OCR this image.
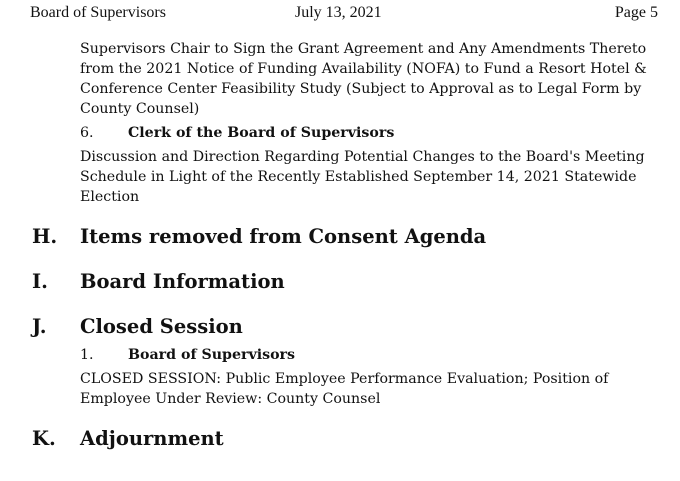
Board of Supervisors	July 13, 2021	Page 5
Supervisors Chair to Sign the Grant Agreement and Any Amendments Thereto
from the 2021 Notice of Funding Availability (NOFA) to Fund a Resort Hotel &
Conference Center Feasibility Study (Subject to Approval as to Legal Form by
County Counsel)
6. Clerk of the Board of Supervisors
Discussion and Direction Regarding Potential Changes to the Board's Meeting
Schedule in Light of the Recently Established September 14, 2021 Statewide
Election
H. Items removed from Consent Agenda
I. Board Information
J. Closed Session
1. Board of Supervisors
CLOSED SESSION: Public Employee Performance Evaluation; Position of
Employee Under Review: County Counsel
K. Adjournment
